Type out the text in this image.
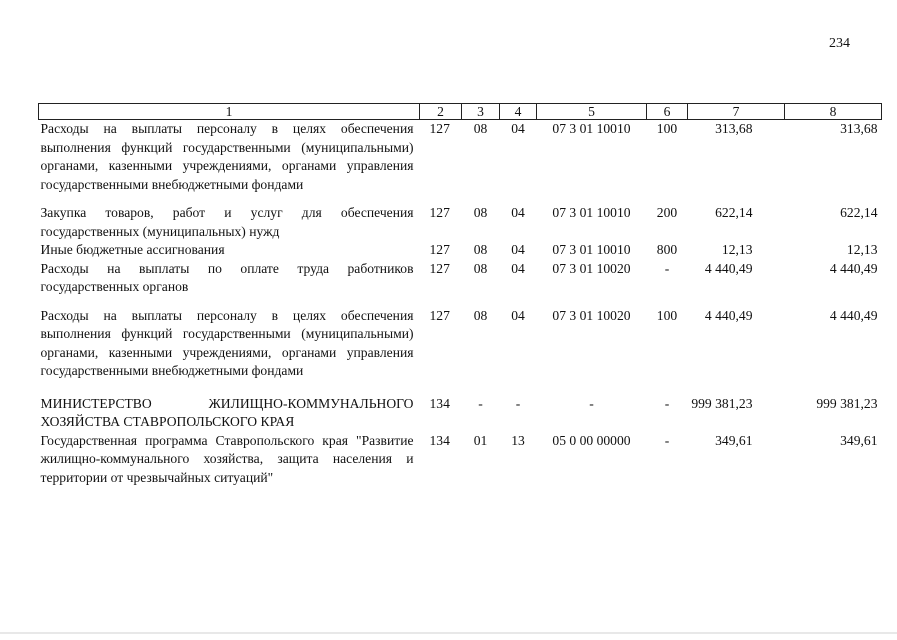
234
1	2	3	4	5	6	7	8
Расходы на выплаты персоналу в целях обеспечения выполнения функций государственными (муниципальными) органами, казенными учреждениями, органами управления государственными внебюджетными фондами	127	08	04	07 3 01 10010	100	313,68	313,68
Закупка товаров, работ и услуг для обеспечения государственных (муниципальных) нужд	127	08	04	07 3 01 10010	200	622,14	622,14
Иные бюджетные ассигнования	127	08	04	07 3 01 10010	800	12,13	12,13
Расходы на выплаты по оплате труда работников государственных органов	127	08	04	07 3 01 10020	-	4 440,49	4 440,49
Расходы на выплаты персоналу в целях обеспечения выполнения функций государственными (муниципальными) органами, казенными учреждениями, органами управления государственными внебюджетными фондами	127	08	04	07 3 01 10020	100	4 440,49	4 440,49
МИНИСТЕРСТВО ЖИЛИЩНО-КОММУНАЛЬНОГО ХОЗЯЙСТВА СТАВРОПОЛЬСКОГО КРАЯ	134	-	-	-	-	999 381,23	999 381,23
Государственная программа Ставропольского края "Развитие жилищно-коммунального хозяйства, защита населения и территории от чрезвычайных ситуаций"	134	01	13	05 0 00 00000	-	349,61	349,61
